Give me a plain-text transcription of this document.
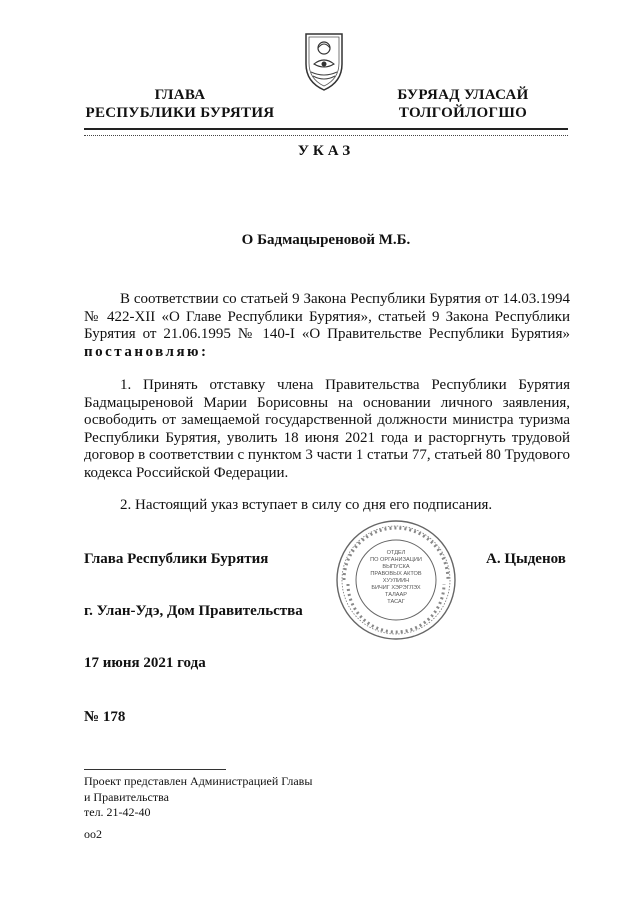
ГЛАВА
РЕСПУБЛИКИ БУРЯТИЯ
БУРЯАД УЛАСАЙ
ТОЛГОЙЛОГШО
УКАЗ
О Бадмацыреновой М.Б.
В соответствии со статьей 9 Закона Республики Бурятия от 14.03.1994 № 422-XII «О Главе Республики Бурятия», статьей 9 Закона Республики Бурятия от 21.06.1995 № 140-I «О Правительстве Республики Бурятия» постановляю:
1. Принять отставку члена Правительства Республики Бурятия Бадмацыреновой Марии Борисовны на основании личного заявления, освободить от замещаемой государственной должности министра туризма Республики Бурятия, уволить 18 июня 2021 года и расторгнуть трудовой договор в соответствии с пунктом 3 части 1 статьи 77, статьей 80 Трудового кодекса Российской Федерации.
2. Настоящий указ вступает в силу со дня его подписания.
Глава Республики Бурятия	ОТДЕЛ
ПО ОРГАНИЗАЦИИ
ВЫПУСКА
ПРАВОВЫХ АКТОВ
ХУУЛИИН
БИЧИГ ХЭРЭГЛЭХ
ТАЛААР
ТАСАГ
А. Цыденов
г. Улан-Удэ, Дом Правительства
17 июня 2021 года
№ 178
Проект представлен Администрацией Главы
и Правительства
тел. 21-42-40
оо2
